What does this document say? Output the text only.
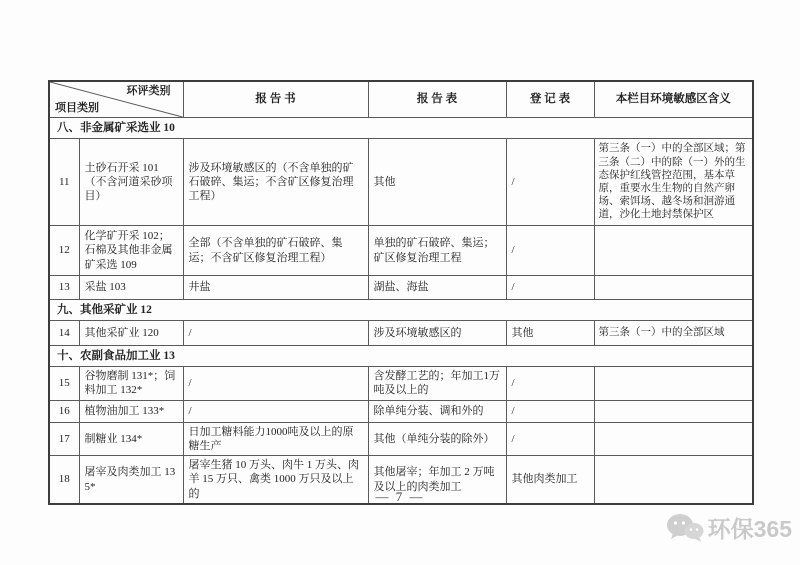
环评类别
项目类别		报 告 书	报 告 表	登 记 表	本栏目环境敏感区含义
八、非金属矿采选业 10					
11	土砂石开采 101（不含河道采砂项目）	涉及环境敏感区的（不含单独的矿石破碎、集运；不含矿区修复治理工程）	其他	/	第三条（一）中的全部区域；第三条（二）中的除（一）外的生态保护红线管控范围，基本草原，重要水生生物的自然产卵场、索饵场、越冬场和洄游通道，沙化土地封禁保护区
12	化学矿开采 102；石棉及其他非金属矿采选 109	全部（不含单独的矿石破碎、集运；不含矿区修复治理工程）	单独的矿石破碎、集运；矿区修复治理工程	/	
13	采盐 103	井盐	湖盐、海盐	/	
九、其他采矿业 12					
14	其他采矿业 120	/	涉及环境敏感区的	其他	第三条（一）中的全部区域
十、农副食品加工业 13					
15	谷物磨制 131*；饲料加工 132*	/	含发酵工艺的；年加工1万吨及以上的	/	
16	植物油加工 133*	/	除单纯分装、调和外的	/	
17	制糖业 134*	日加工糖料能力1000吨及以上的原糖生产	其他（单纯分装的除外）	/	
18	屠宰及肉类加工 135*	屠宰生猪 10 万头、肉牛 1 万头、肉羊 15 万只、禽类 1000 万只及以上的	其他屠宰；年加工 2 万吨及以上的肉类加工	其他肉类加工	
— 7 —
环保365
